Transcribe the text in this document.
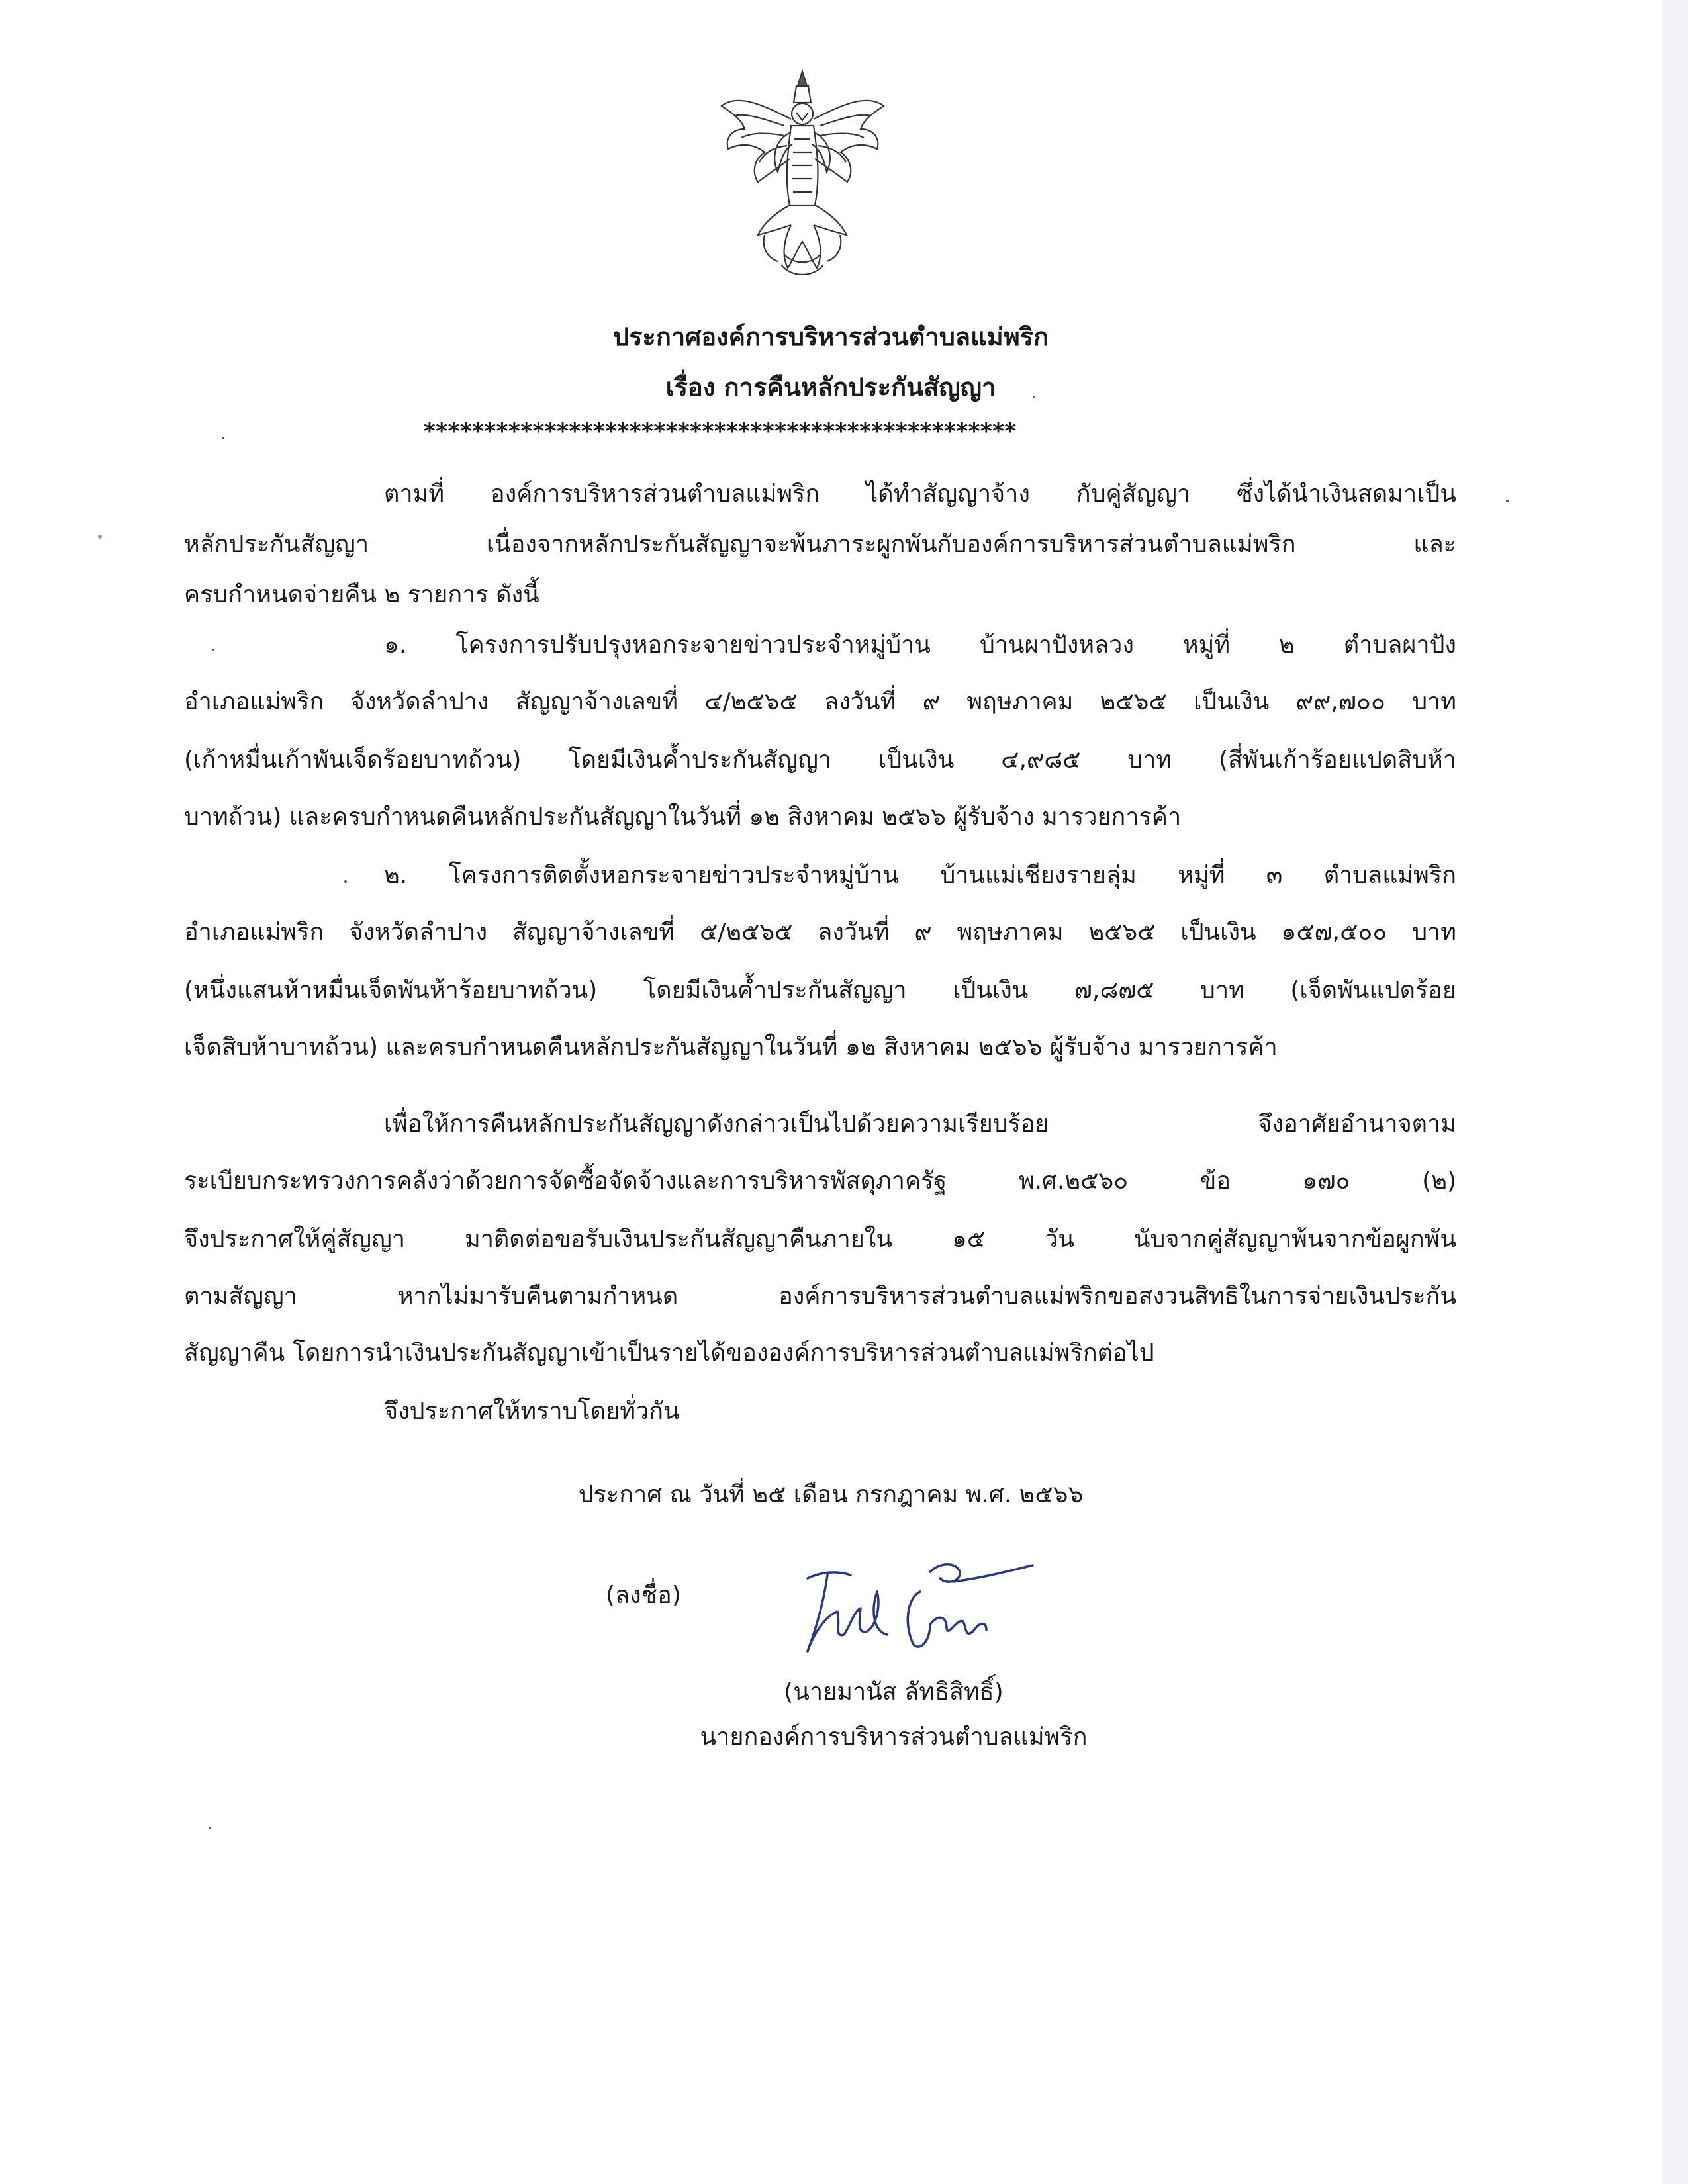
ประกาศองค์การบริหารส่วนตำบลแม่พริก
เรื่อง การคืนหลักประกันสัญญา
*************************************************
ตามที่ องค์การบริหารส่วนตำบลแม่พริก ได้ทำสัญญาจ้าง กับคู่สัญญา ซึ่งได้นำเงินสดมาเป็น
หลักประกันสัญญา เนื่องจากหลักประกันสัญญาจะพ้นภาระผูกพันกับองค์การบริหารส่วนตำบลแม่พริก และ
ครบกำหนดจ่ายคืน ๒ รายการ ดังนี้
๑. โครงการปรับปรุงหอกระจายข่าวประจำหมู่บ้าน บ้านผาปังหลวง หมู่ที่ ๒ ตำบลผาปัง
อำเภอแม่พริก จังหวัดลำปาง สัญญาจ้างเลขที่ ๔/๒๕๖๕ ลงวันที่ ๙ พฤษภาคม ๒๕๖๕ เป็นเงิน ๙๙,๗๐๐ บาท
(เก้าหมื่นเก้าพันเจ็ดร้อยบาทถ้วน) โดยมีเงินค้ำประกันสัญญา เป็นเงิน ๔,๙๘๕ บาท (สี่พันเก้าร้อยแปดสิบห้า
บาทถ้วน) และครบกำหนดคืนหลักประกันสัญญาในวันที่ ๑๒ สิงหาคม ๒๕๖๖ ผู้รับจ้าง มารวยการค้า
๒. โครงการติดตั้งหอกระจายข่าวประจำหมู่บ้าน บ้านแม่เชียงรายลุ่ม หมู่ที่ ๓ ตำบลแม่พริก
อำเภอแม่พริก จังหวัดลำปาง สัญญาจ้างเลขที่ ๕/๒๕๖๕ ลงวันที่ ๙ พฤษภาคม ๒๕๖๕ เป็นเงิน ๑๕๗,๕๐๐ บาท
(หนึ่งแสนห้าหมื่นเจ็ดพันห้าร้อยบาทถ้วน) โดยมีเงินค้ำประกันสัญญา เป็นเงิน ๗,๘๗๕ บาท (เจ็ดพันแปดร้อย
เจ็ดสิบห้าบาทถ้วน) และครบกำหนดคืนหลักประกันสัญญาในวันที่ ๑๒ สิงหาคม ๒๕๖๖ ผู้รับจ้าง มารวยการค้า
เพื่อให้การคืนหลักประกันสัญญาดังกล่าวเป็นไปด้วยความเรียบร้อย จึงอาศัยอำนาจตาม
ระเบียบกระทรวงการคลังว่าด้วยการจัดซื้อจัดจ้างและการบริหารพัสดุภาครัฐ พ.ศ.๒๕๖๐ ข้อ ๑๗๐ (๒)
จึงประกาศให้คู่สัญญา มาติดต่อขอรับเงินประกันสัญญาคืนภายใน ๑๕ วัน นับจากคู่สัญญาพ้นจากข้อผูกพัน
ตามสัญญา หากไม่มารับคืนตามกำหนด องค์การบริหารส่วนตำบลแม่พริกขอสงวนสิทธิในการจ่ายเงินประกัน
สัญญาคืน โดยการนำเงินประกันสัญญาเข้าเป็นรายได้ขององค์การบริหารส่วนตำบลแม่พริกต่อไป
จึงประกาศให้ทราบโดยทั่วกัน
ประกาศ ณ วันที่ ๒๕ เดือน กรกฎาคม พ.ศ. ๒๕๖๖
(ลงชื่อ)
(นายมานัส ลัทธิสิทธิ์)
นายกองค์การบริหารส่วนตำบลแม่พริก
